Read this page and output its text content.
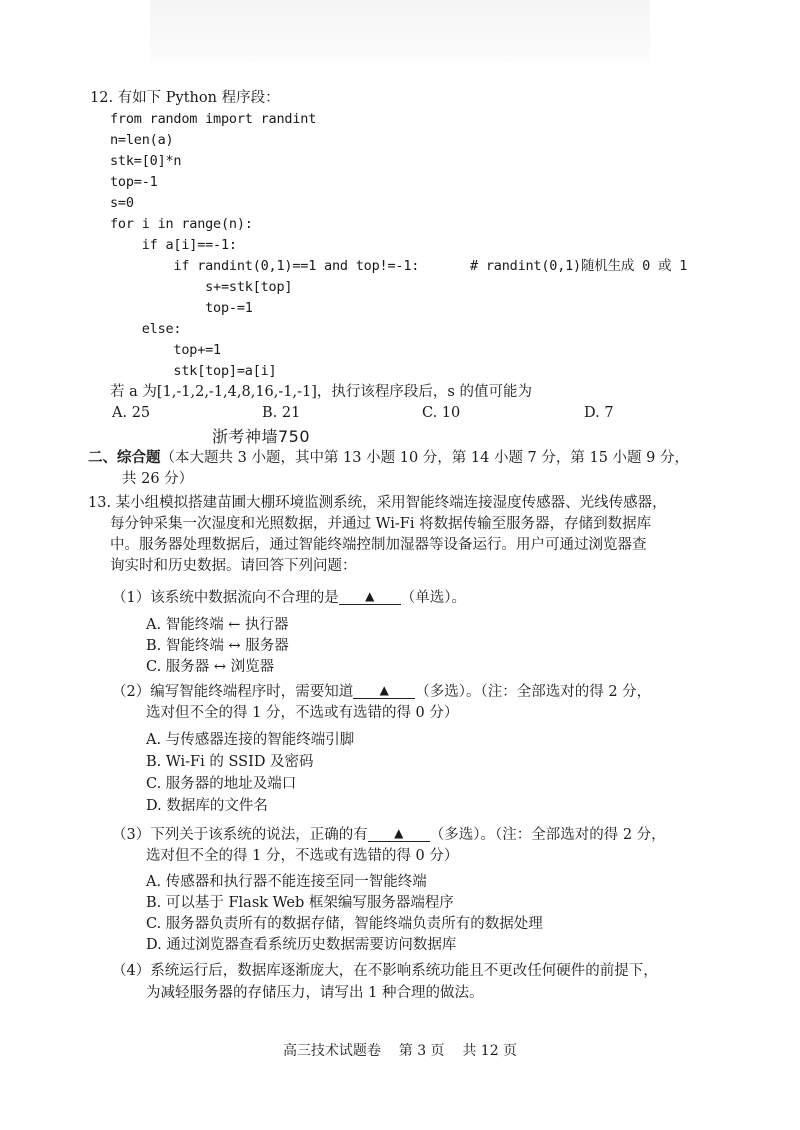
12. 有如下 Python 程序段：
from random import randint
n=len(a)
stk=[0]*n
top=-1
s=0
for i in range(n):
if a[i]==-1:
if randint(0,1)==1 and top!=-1:	# randint(0,1)随机生成 0 或 1
s+=stk[top]
top-=1
else:
top+=1
stk[top]=a[i]
若 a 为[1,-1,2,-1,4,8,16,-1,-1]，执行该程序段后，s 的值可能为
A. 25	B. 21	C. 10	D. 7
浙考神墙750
二、综合题（本大题共 3 小题，其中第 13 小题 10 分，第 14 小题 7 分，第 15 小题 9 分，
共 26 分）
13. 某小组模拟搭建苗圃大棚环境监测系统，采用智能终端连接湿度传感器、光线传感器，
每分钟采集一次湿度和光照数据，并通过 Wi-Fi 将数据传输至服务器，存储到数据库
中。服务器处理数据后，通过智能终端控制加湿器等设备运行。用户可通过浏览器查
询实时和历史数据。请回答下列问题：
（1）该系统中数据流向不合理的是 ▲ （单选）。
A. 智能终端 ← 执行器
B. 智能终端 ↔ 服务器
C. 服务器 ↔ 浏览器
（2）编写智能终端程序时，需要知道 ▲ （多选）。（注：全部选对的得 2 分，
选对但不全的得 1 分，不选或有选错的得 0 分）
A. 与传感器连接的智能终端引脚
B. Wi-Fi 的 SSID 及密码
C. 服务器的地址及端口
D. 数据库的文件名
（3）下列关于该系统的说法，正确的有 ▲ （多选）。（注：全部选对的得 2 分，
选对但不全的得 1 分，不选或有选错的得 0 分）
A. 传感器和执行器不能连接至同一智能终端
B. 可以基于 Flask Web 框架编写服务器端程序
C. 服务器负责所有的数据存储，智能终端负责所有的数据处理
D. 通过浏览器查看系统历史数据需要访问数据库
（4）系统运行后，数据库逐渐庞大，在不影响系统功能且不更改任何硬件的前提下，
为减轻服务器的存储压力，请写出 1 种合理的做法。
高三技术试题卷    第 3 页    共 12 页
